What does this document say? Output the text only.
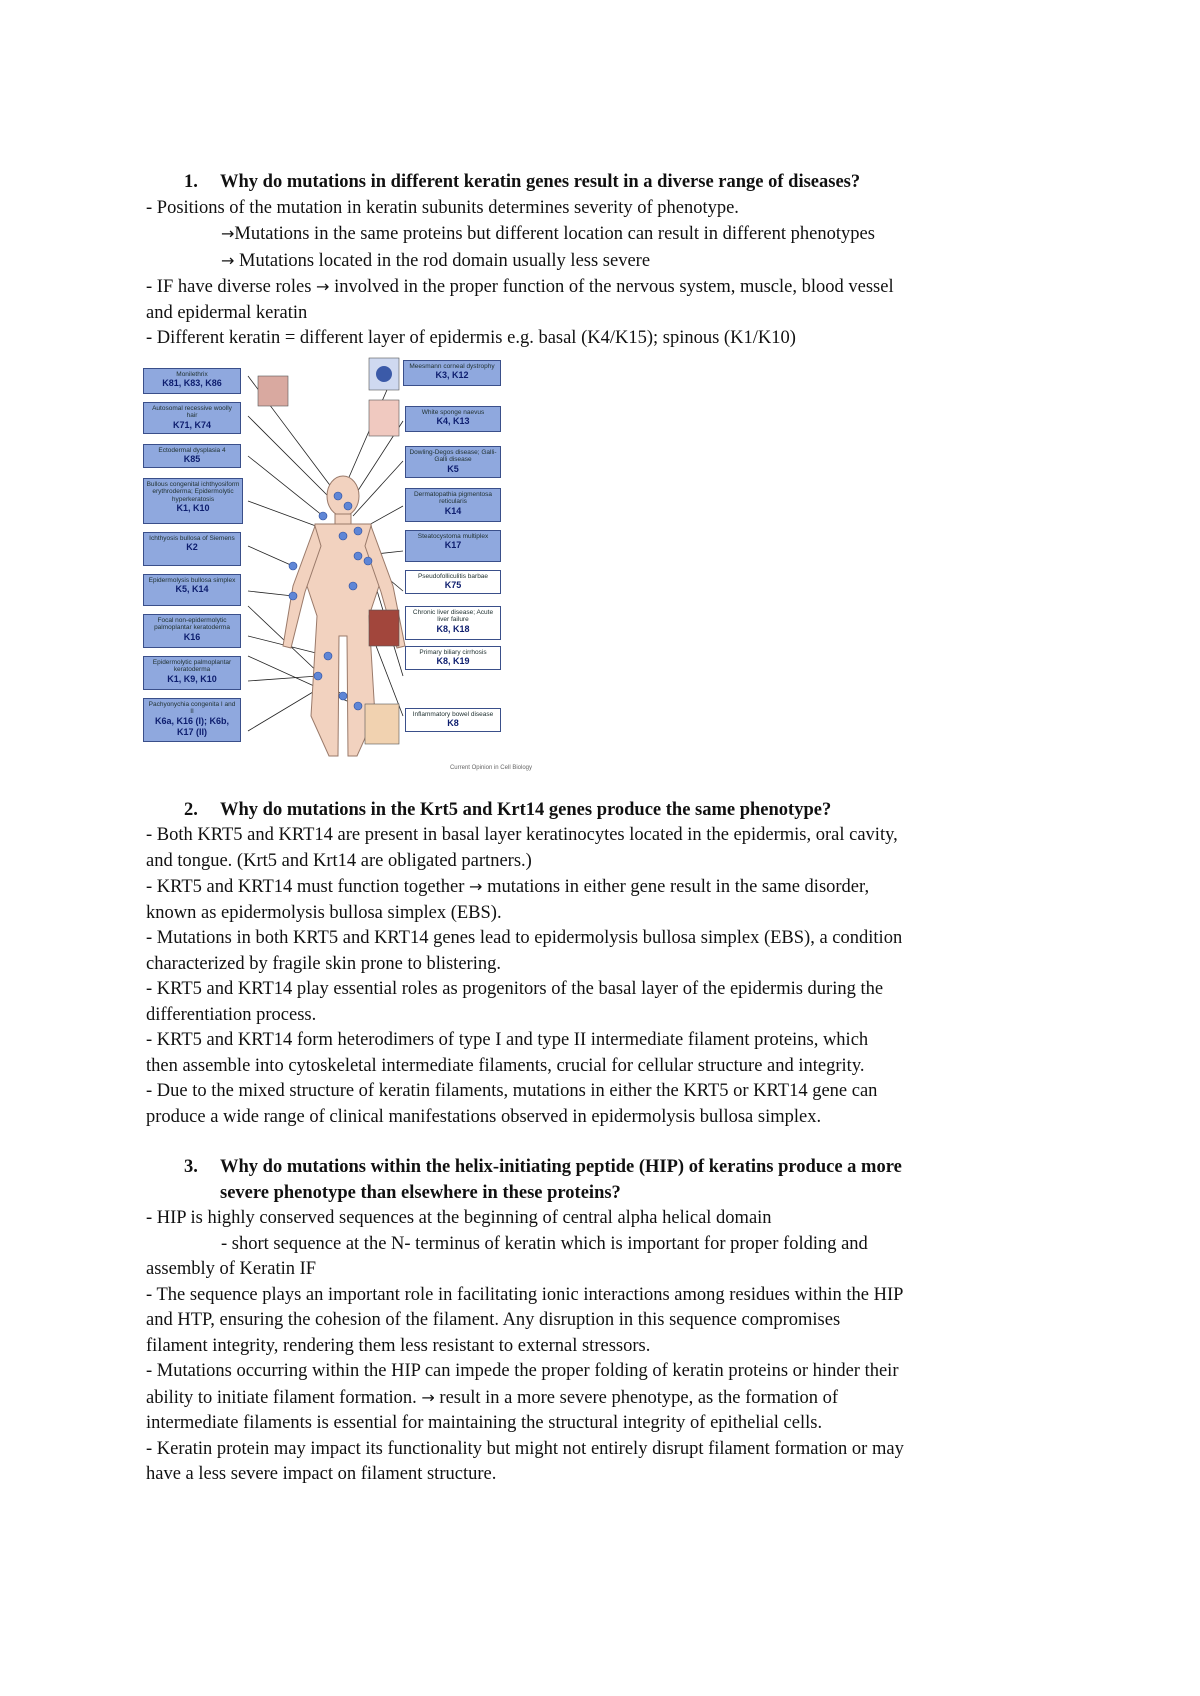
1.	Why do mutations in different keratin genes result in a diverse range of diseases?

- Positions of the mutation in keratin subunits determines severity of phenotype.

→Mutations in the same proteins but different location can result in different phenotypes

→ Mutations located in the rod domain usually less severe

- IF have diverse roles → involved in the proper function of the nervous system, muscle, blood vessel

and epidermal keratin

- Different keratin = different layer of epidermis e.g. basal (K4/K15); spinous (K1/K10)

Monilethrix
K81, K83, K86
Autosomal recessive woolly hair
K71, K74
Ectodermal dysplasia 4
K85
Bullous congenital ichthyosiform erythroderma; Epidermolytic hyperkeratosis
K1, K10
Ichthyosis bullosa of Siemens
K2
Epidermolysis bullosa simplex
K5, K14
Focal non-epidermolytic palmoplantar keratoderma
K16
Epidermolytic palmoplantar keratoderma
K1, K9, K10
Pachyonychia congenita I and II
K6a, K16 (I); K6b, K17 (II)
Meesmann corneal dystrophy
K3, K12
White sponge naevus
K4, K13
Dowling-Degos disease; Galli-Galli disease
K5
Dermatopathia pigmentosa reticularis
K14
Steatocystoma multiplex
K17
Pseudofolliculitis barbae
K75
Chronic liver disease; Acute liver failure
K8, K18
Primary biliary cirrhosis
K8, K19
Inflammatory bowel disease
K8
Current Opinion in Cell Biology

2.	Why do mutations in the Krt5 and Krt14 genes produce the same phenotype?

- Both KRT5 and KRT14 are present in basal layer keratinocytes located in the epidermis, oral cavity,

and tongue. (Krt5 and Krt14 are obligated partners.)

- KRT5 and KRT14 must function together → mutations in either gene result in the same disorder,

known as epidermolysis bullosa simplex (EBS).

- Mutations in both KRT5 and KRT14 genes lead to epidermolysis bullosa simplex (EBS), a condition

characterized by fragile skin prone to blistering.

- KRT5 and KRT14 play essential roles as progenitors of the basal layer of the epidermis during the

differentiation process.

- KRT5 and KRT14 form heterodimers of type I and type II intermediate filament proteins, which

then assemble into cytoskeletal intermediate filaments, crucial for cellular structure and integrity.

- Due to the mixed structure of keratin filaments, mutations in either the KRT5 or KRT14 gene can

produce a wide range of clinical manifestations observed in epidermolysis bullosa simplex.

3.	Why do mutations within the helix-initiating peptide (HIP) of keratins produce a more
severe phenotype than elsewhere in these proteins?

- HIP is highly conserved sequences at the beginning of central alpha helical domain

- short sequence at the N- terminus of keratin which is important for proper folding and

assembly of Keratin IF

- The sequence plays an important role in facilitating ionic interactions among residues within the HIP

and HTP, ensuring the cohesion of the filament. Any disruption in this sequence compromises

filament integrity, rendering them less resistant to external stressors.

- Mutations occurring within the HIP can impede the proper folding of keratin proteins or hinder their

ability to initiate filament formation. → result in a more severe phenotype, as the formation of

intermediate filaments is essential for maintaining the structural integrity of epithelial cells.

- Keratin protein may impact its functionality but might not entirely disrupt filament formation or may

have a less severe impact on filament structure.
